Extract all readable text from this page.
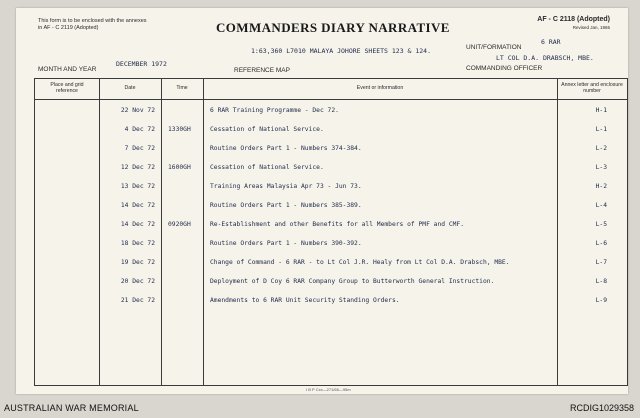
This form is to be enclosed with the annexes in AF - C 2119 (Adopted)	COMMANDERS DIARY NARRATIVE
1:63,360 L7010 MALAYA JOHORE SHEETS 123 & 124.
AF - C 2118 (Adopted)
Revised Jan, 1965
6 RAR
UNIT/FORMATION
LT COL D.A. DRABSCH, MBE.
COMMANDING OFFICER
DECEMBER 1972
MONTH AND YEAR	REFERENCE MAP
Place and grid reference	Date	Time	Event or information	Annex letter and enclosure number
22 Nov 72	6 RAR Training Programme - Dec 72.	H-1
4 Dec 72 1330GH	Cessation of National Service.	L-1
7 Dec 72	Routine Orders Part 1 - Numbers 374-384.	L-2
12 Dec 72 1600GH	Cessation of National Service.	L-3
13 Dec 72	Training Areas Malaysia Apr 73 - Jun 73.	H-2
14 Dec 72	Routine Orders Part 1 - Numbers 385-389.	L-4
14 Dec 72 0920GH	Re-Establishment and other Benefits for all Members of PMF and CMF.	L-5
18 Dec 72	Routine Orders Part 1 - Numbers 390-392.	L-6
19 Dec 72	Change of Command - 6 RAR - to Lt Col J.R. Healy from Lt Col D.A. Drabsch, MBE.	L-7
20 Dec 72	Deployment of D Coy 6 RAR Company Group to Butterworth General Instruction.	L-8
21 Dec 72	Amendments to 6 RAR Unit Security Standing Orders.	L-9
I B P Cxx—271/65—95m
AUSTRALIAN WAR MEMORIAL	RCDIG1029358
